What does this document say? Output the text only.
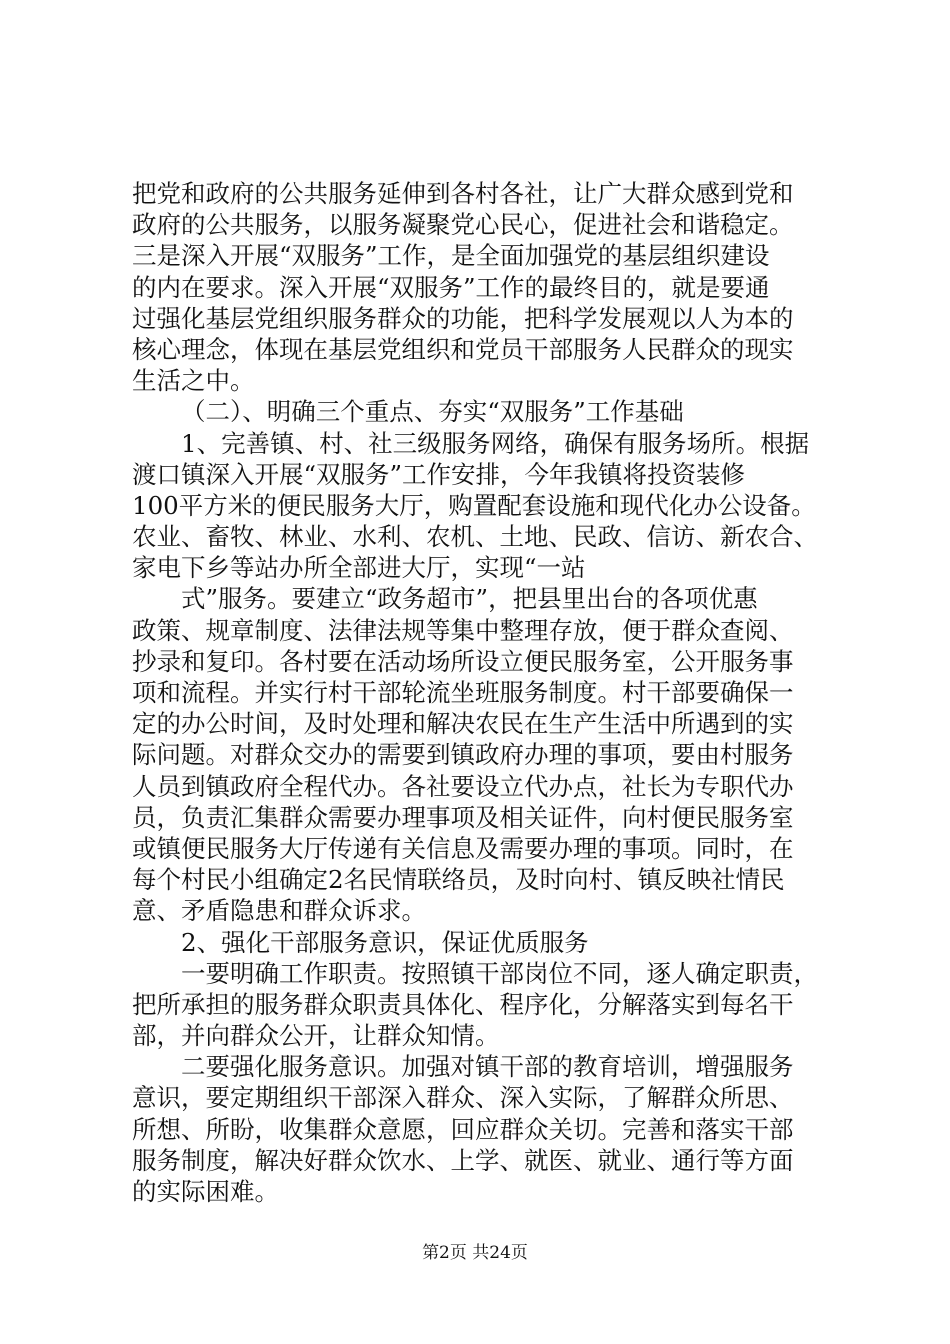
把党和政府的公共服务延伸到各村各社，让广大群众感到党和
政府的公共服务，以服务凝聚党心民心，促进社会和谐稳定。
三是深入开展“双服务”工作，是全面加强党的基层组织建设
的内在要求。深入开展“双服务”工作的最终目的，就是要通
过强化基层党组织服务群众的功能，把科学发展观以人为本的
核心理念，体现在基层党组织和党员干部服务人民群众的现实
生活之中。
（二）、明确三个重点、夯实“双服务”工作基础
1、完善镇、村、社三级服务网络，确保有服务场所。根据
渡口镇深入开展“双服务”工作安排，今年我镇将投资装修
100平方米的便民服务大厅，购置配套设施和现代化办公设备。
农业、畜牧、林业、水利、农机、土地、民政、信访、新农合、
家电下乡等站办所全部进大厅，实现“一站
式”服务。要建立“政务超市”，把县里出台的各项优惠
政策、规章制度、法律法规等集中整理存放，便于群众查阅、
抄录和复印。各村要在活动场所设立便民服务室，公开服务事
项和流程。并实行村干部轮流坐班服务制度。村干部要确保一
定的办公时间，及时处理和解决农民在生产生活中所遇到的实
际问题。对群众交办的需要到镇政府办理的事项，要由村服务
人员到镇政府全程代办。各社要设立代办点，社长为专职代办
员，负责汇集群众需要办理事项及相关证件，向村便民服务室
或镇便民服务大厅传递有关信息及需要办理的事项。同时，在
每个村民小组确定2名民情联络员，及时向村、镇反映社情民
意、矛盾隐患和群众诉求。
2、强化干部服务意识，保证优质服务
一要明确工作职责。按照镇干部岗位不同，逐人确定职责，
把所承担的服务群众职责具体化、程序化，分解落实到每名干
部，并向群众公开，让群众知情。
二要强化服务意识。加强对镇干部的教育培训，增强服务
意识，要定期组织干部深入群众、深入实际，了解群众所思、
所想、所盼，收集群众意愿，回应群众关切。完善和落实干部
服务制度，解决好群众饮水、上学、就医、就业、通行等方面
的实际困难。
第2页 共24页
